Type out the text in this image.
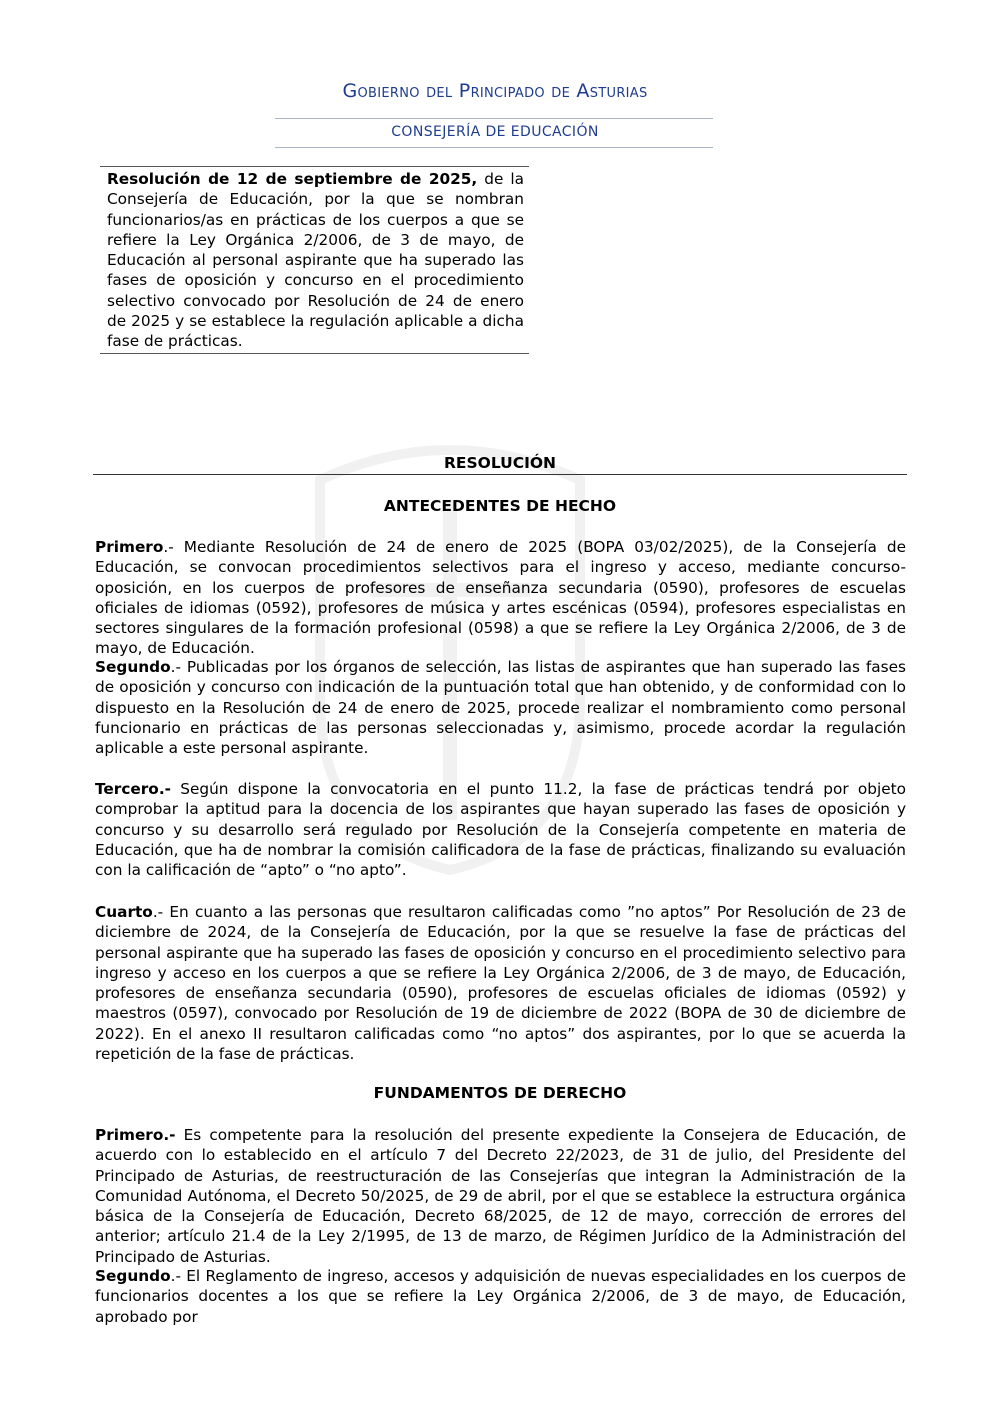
Gobierno del Principado de Asturias
CONSEJERÍA DE EDUCACIÓN
Resolución de 12 de septiembre de 2025, de la Consejería de Educación, por la que se nombran funcionarios/as en prácticas de los cuerpos a que se refiere la Ley Orgánica 2/2006, de 3 de mayo, de Educación al personal aspirante que ha superado las fases de oposición y concurso en el procedimiento selectivo convocado por Resolución de 24 de enero de 2025 y se establece la regulación aplicable a dicha fase de prácticas.
RESOLUCIÓN
ANTECEDENTES DE HECHO

Primero.- Mediante Resolución de 24 de enero de 2025 (BOPA 03/02/2025), de la Consejería de Educación, se convocan procedimientos selectivos para el ingreso y acceso, mediante concurso-oposición, en los cuerpos de profesores de enseñanza secundaria (0590), profesores de escuelas oficiales de idiomas (0592), profesores de música y artes escénicas (0594), profesores especialistas en sectores singulares de la formación profesional (0598) a que se refiere la Ley Orgánica 2/2006, de 3 de mayo, de Educación.

Segundo.- Publicadas por los órganos de selección, las listas de aspirantes que han superado las fases de oposición y concurso con indicación de la puntuación total que han obtenido, y de conformidad con lo dispuesto en la Resolución de 24 de enero de 2025, procede realizar el nombramiento como personal funcionario en prácticas de las personas seleccionadas y, asimismo, procede acordar la regulación aplicable a este personal aspirante.

Tercero.- Según dispone la convocatoria en el punto 11.2, la fase de prácticas tendrá por objeto comprobar la aptitud para la docencia de los aspirantes que hayan superado las fases de oposición y concurso y su desarrollo será regulado por Resolución de la Consejería competente en materia de Educación, que ha de nombrar la comisión calificadora de la fase de prácticas, finalizando su evaluación con la calificación de “apto” o “no apto”.

Cuarto.- En cuanto a las personas que resultaron calificadas como ”no aptos” Por Resolución de 23 de diciembre de 2024, de la Consejería de Educación, por la que se resuelve la fase de prácticas del personal aspirante que ha superado las fases de oposición y concurso en el procedimiento selectivo para ingreso y acceso en los cuerpos a que se refiere la Ley Orgánica 2/2006, de 3 de mayo, de Educación, profesores de enseñanza secundaria (0590), profesores de escuelas oficiales de idiomas (0592) y maestros (0597), convocado por Resolución de 19 de diciembre de 2022 (BOPA de 30 de diciembre de 2022). En el anexo II resultaron calificadas como “no aptos” dos aspirantes, por lo que se acuerda la repetición de la fase de prácticas.

FUNDAMENTOS DE DERECHO

Primero.- Es competente para la resolución del presente expediente la Consejera de Educación, de acuerdo con lo establecido en el artículo 7 del Decreto 22/2023, de 31 de julio, del Presidente del Principado de Asturias, de reestructuración de las Consejerías que integran la Administración de la Comunidad Autónoma, el Decreto 50/2025, de 29 de abril, por el que se establece la estructura orgánica básica de la Consejería de Educación, Decreto 68/2025, de 12 de mayo, corrección de errores del anterior; artículo 21.4 de la Ley 2/1995, de 13 de marzo, de Régimen Jurídico de la Administración del Principado de Asturias.

Segundo.- El Reglamento de ingreso, accesos y adquisición de nuevas especialidades en los cuerpos de funcionarios docentes a los que se refiere la Ley Orgánica 2/2006, de 3 de mayo, de Educación, aprobado por
